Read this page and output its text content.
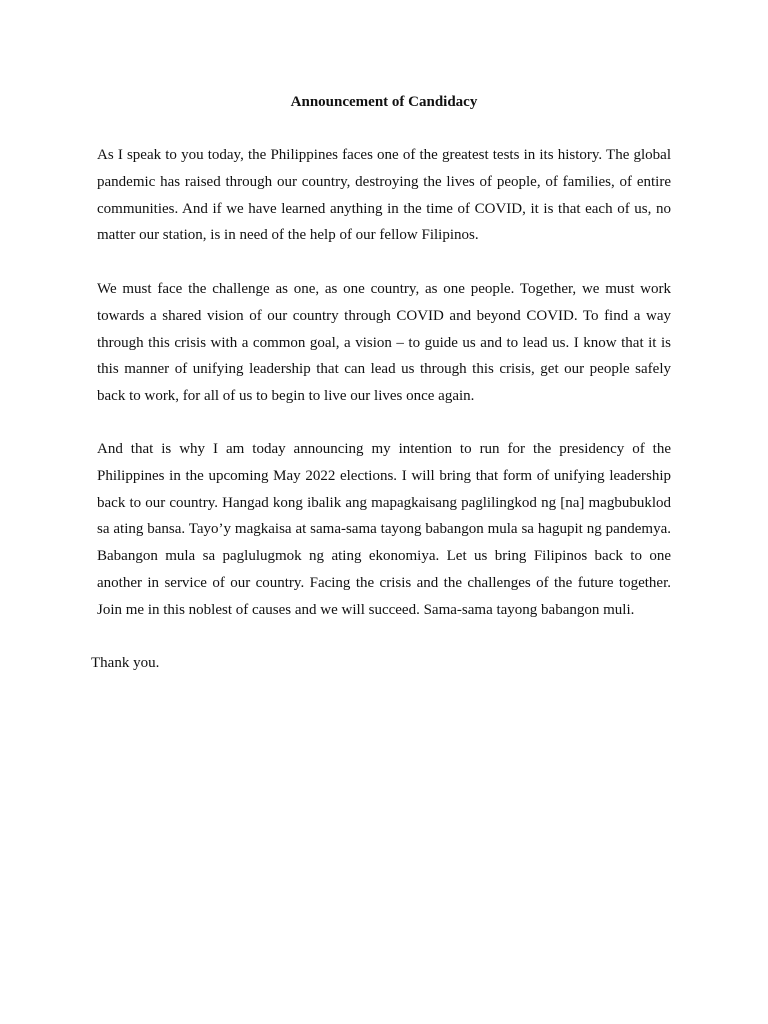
Announcement of Candidacy

As I speak to you today, the Philippines faces one of the greatest tests in its history. The global pandemic has raised through our country, destroying the lives of people, of families, of entire communities. And if we have learned anything in the time of COVID, it is that each of us, no matter our station, is in need of the help of our fellow Filipinos.

We must face the challenge as one, as one country, as one people. Together, we must work towards a shared vision of our country through COVID and beyond COVID. To find a way through this crisis with a common goal, a vision – to guide us and to lead us. I know that it is this manner of unifying leadership that can lead us through this crisis, get our people safely back to work, for all of us to begin to live our lives once again.

And that is why I am today announcing my intention to run for the presidency of the Philippines in the upcoming May 2022 elections. I will bring that form of unifying leadership back to our country. Hangad kong ibalik ang mapagkaisang paglilingkod ng [na] magbubuklod sa ating bansa. Tayo’y magkaisa at sama-sama tayong babangon mula sa hagupit ng pandemya. Babangon mula sa paglulugmok ng ating ekonomiya. Let us bring Filipinos back to one another in service of our country. Facing the crisis and the challenges of the future together. Join me in this noblest of causes and we will succeed. Sama-sama tayong babangon muli.

Thank you.
